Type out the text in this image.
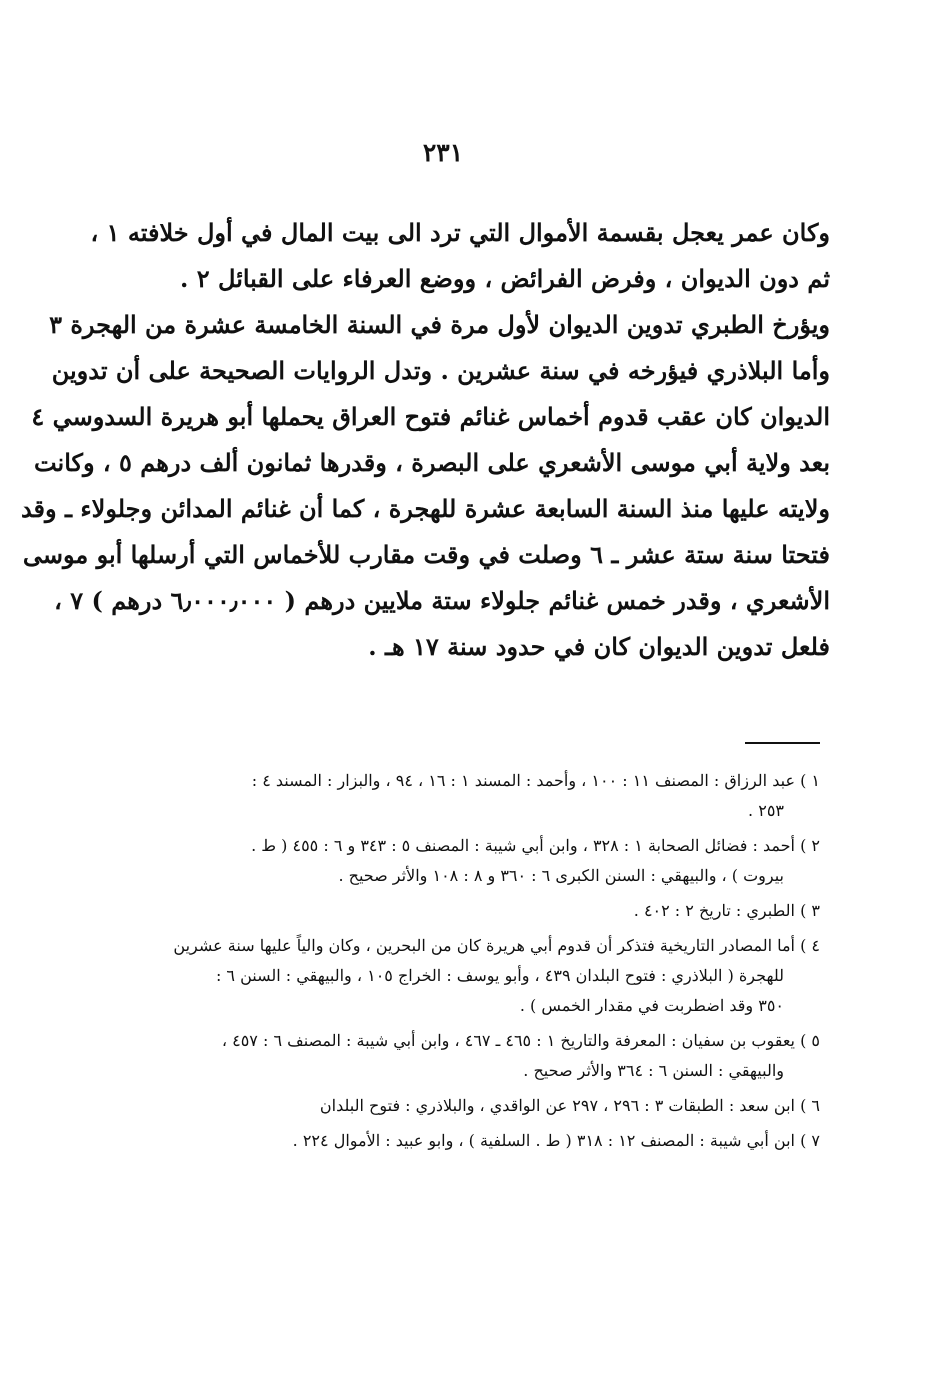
٢٣١
وكان عمر يعجل بقسمة الأموال التي ترد الى بيت المال في أول خلافته ١ ،
ثم دون الديوان ، وفرض الفرائض ، ووضع العرفاء على القبائل ٢ .
ويؤرخ الطبري تدوين الديوان لأول مرة في السنة الخامسة عشرة من الهجرة ٣
وأما البلاذري فيؤرخه في سنة عشرين . وتدل الروايات الصحيحة على أن تدوين
الديوان كان عقب قدوم أخماس غنائم فتوح العراق يحملها أبو هريرة السدوسي ٤
بعد ولاية أبي موسى الأشعري على البصرة ، وقدرها ثمانون ألف درهم ٥ ، وكانت
ولايته عليها منذ السنة السابعة عشرة للهجرة ، كما أن غنائم المدائن وجلولاء ـ وقد
فتحتا سنة ستة عشر ـ ٦ وصلت في وقت مقارب للأخماس التي أرسلها أبو موسى
الأشعري ، وقدر خمس غنائم جلولاء ستة ملايين درهم ( ٦٫٠٠٠٫٠٠٠ درهم ) ٧ ،
فلعل تدوين الديوان كان في حدود سنة ١٧ هـ .
١ ) عبد الرزاق : المصنف ١١ : ١٠٠ ، وأحمد : المسند ١ : ١٦ ، ٩٤ ، والبزار : المسند ٤ :
٢٥٣ .
٢ ) أحمد : فضائل الصحابة ١ : ٣٢٨ ، وابن أبي شيبة : المصنف ٥ : ٣٤٣ و ٦ : ٤٥٥ ( ط .
بيروت ) ، والبيهقي : السنن الكبرى ٦ : ٣٦٠ و ٨ : ١٠٨ والأثر صحيح .
٣ ) الطبري : تاريخ ٢ : ٤٠٢ .
٤ ) أما المصادر التاريخية فتذكر أن قدوم أبي هريرة كان من البحرين ، وكان والياً عليها سنة عشرين
للهجرة ( البلاذري : فتوح البلدان ٤٣٩ ، وأبو يوسف : الخراج ١٠٥ ، والبيهقي : السنن ٦ :
٣٥٠ وقد اضطربت في مقدار الخمس ) .
٥ ) يعقوب بن سفيان : المعرفة والتاريخ ١ : ٤٦٥ ـ ٤٦٧ ، وابن أبي شيبة : المصنف ٦ : ٤٥٧ ،
والبيهقي : السنن ٦ : ٣٦٤ والأثر صحيح .
٦ ) ابن سعد : الطبقات ٣ : ٢٩٦ ، ٢٩٧ عن الواقدي ، والبلاذري : فتوح البلدان
٧ ) ابن أبي شيبة : المصنف ١٢ : ٣١٨ ( ط . السلفية ) ، وابو عبيد : الأموال ٢٢٤ .
